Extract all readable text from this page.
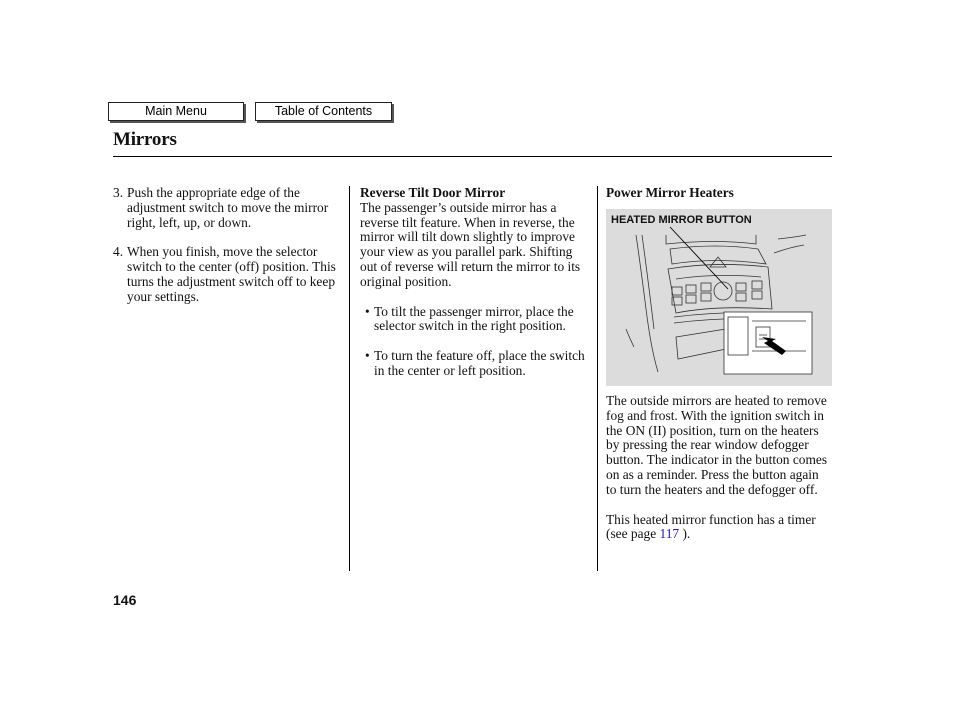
Main Menu	Table of Contents
Mirrors
3. Push the appropriate edge of the adjustment switch to move the mirror right, left, up, or down.
4. When you finish, move the selector switch to the center (off) position. This turns the adjustment switch off to keep your settings.
Reverse Tilt Door Mirror

The passenger’s outside mirror has a reverse tilt feature. When in reverse, the mirror will tilt down slightly to improve your view as you parallel park. Shifting out of reverse will return the mirror to its original position.

• To tilt the passenger mirror, place the selector switch in the right position.
• To turn the feature off, place the switch in the center or left position.
Power Mirror Heaters
HEATED MIRROR BUTTON

The outside mirrors are heated to remove fog and frost. With the ignition switch in the ON (II) position, turn on the heaters by pressing the rear window defogger button. The indicator in the button comes on as a reminder. Press the button again to turn the heaters and the defogger off.

This heated mirror function has a timer (see page 117 ).

146
